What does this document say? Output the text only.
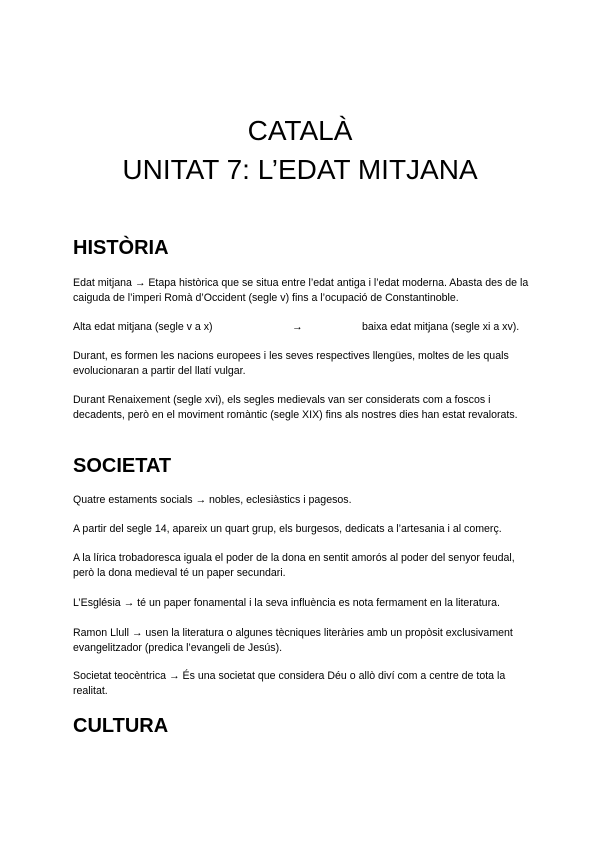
CATALÀ
UNITAT 7: L’EDAT MITJANA
HISTÒRIA

Edat mitjana → Etapa històrica que se situa entre l’edat antiga i l’edat moderna. Abasta des de la caiguda de l’imperi Romà d’Occident (segle v) fins a l’ocupació de Constantinoble.

Alta edat mitjana (segle v a x)	→	baixa edat mitjana (segle xi a xv).

Durant, es formen les nacions europees i les seves respectives llengües, moltes de les quals evolucionaran a partir del llatí vulgar.

Durant Renaixement (segle xvi), els segles medievals van ser considerats com a foscos i decadents, però en el moviment romàntic (segle XIX) fins als nostres dies han estat revalorats.

SOCIETAT

Quatre estaments socials → nobles, eclesiàstics i pagesos.

A partir del segle 14, apareix un quart grup, els burgesos, dedicats a l’artesania i al comerç.

A la lírica trobadoresca iguala el poder de la dona en sentit amorós al poder del senyor feudal, però la dona medieval té un paper secundari.

L’Església → té un paper fonamental i la seva influència es nota fermament en la literatura.

Ramon Llull → usen la literatura o algunes tècniques literàries amb un propòsit exclusivament evangelitzador (predica l’evangeli de Jesús).

Societat teocèntrica → És una societat que considera Déu o allò diví com a centre de tota la realitat.

CULTURA
